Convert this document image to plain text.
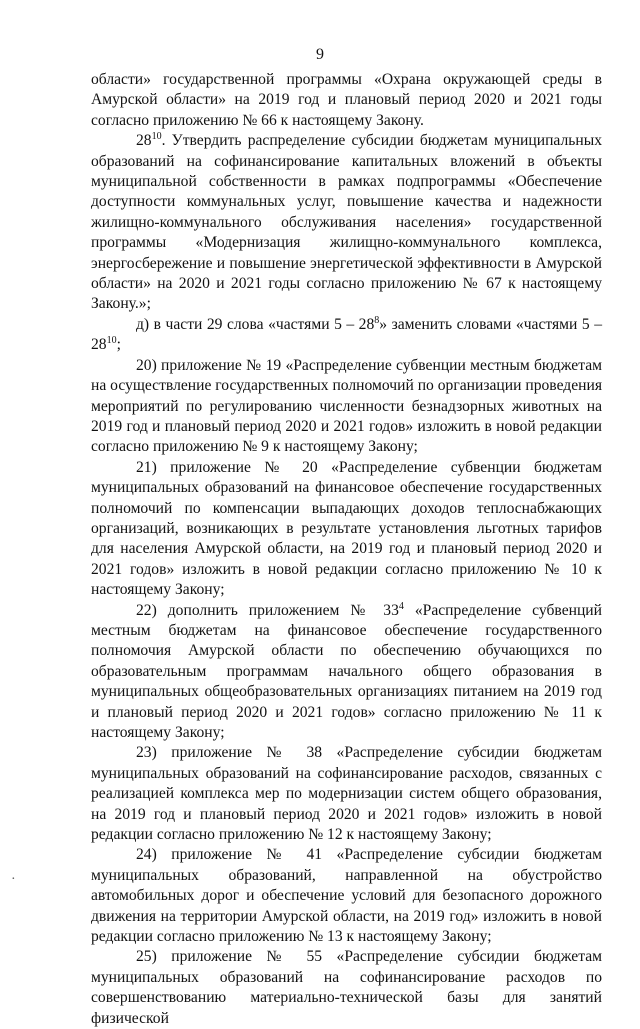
9

области» государственной программы «Охрана окружающей среды в Амурской области» на 2019 год и плановый период 2020 и 2021 годы согласно приложению № 66 к настоящему Закону.

$28^{10}$. Утвердить распределение субсидии бюджетам муниципальных образований на софинансирование капитальных вложений в объекты муниципальной собственности в рамках подпрограммы «Обеспечение доступности коммунальных услуг, повышение качества и надежности жилищно-коммунального обслуживания населения» государственной программы «Модернизация жилищно-коммунального комплекса, энергосбережение и повышение энергетической эффективности в Амурской области» на 2020 и 2021 годы согласно приложению № 67 к настоящему Закону.»;

д) в части 29 слова «частями $5 - 28^8$» заменить словами «частями $5 - 28^{10}$;

20) приложение № 19 «Распределение субвенции местным бюджетам на осуществление государственных полномочий по организации проведения мероприятий по регулированию численности безнадзорных животных на 2019 год и плановый период 2020 и 2021 годов» изложить в новой редакции согласно приложению № 9 к настоящему Закону;

21) приложение № 20 «Распределение субвенции бюджетам муниципальных образований на финансовое обеспечение государственных полномочий по компенсации выпадающих доходов теплоснабжающих организаций, возникающих в результате установления льготных тарифов для населения Амурской области, на 2019 год и плановый период 2020 и 2021 годов» изложить в новой редакции согласно приложению № 10 к настоящему Закону;

22) дополнить приложением № $33^4$ «Распределение субвенций местным бюджетам на финансовое обеспечение государственного полномочия Амурской области по обеспечению обучающихся по образовательным программам начального общего образования в муниципальных общеобразовательных организациях питанием на 2019 год и плановый период 2020 и 2021 годов» согласно приложению № 11 к настоящему Закону;

23) приложение № 38 «Распределение субсидии бюджетам муниципальных образований на софинансирование расходов, связанных с реализацией комплекса мер по модернизации систем общего образования, на 2019 год и плановый период 2020 и 2021 годов» изложить в новой редакции согласно приложению № 12 к настоящему Закону;

24) приложение № 41 «Распределение субсидии бюджетам муниципальных образований, направленной на обустройство автомобильных дорог и обеспечение условий для безопасного дорожного движения на территории Амурской области, на 2019 год» изложить в новой редакции согласно приложению № 13 к настоящему Закону;

25) приложение № 55 «Распределение субсидии бюджетам муниципальных образований на софинансирование расходов по совершенствованию материально-технической базы для занятий физической

·
